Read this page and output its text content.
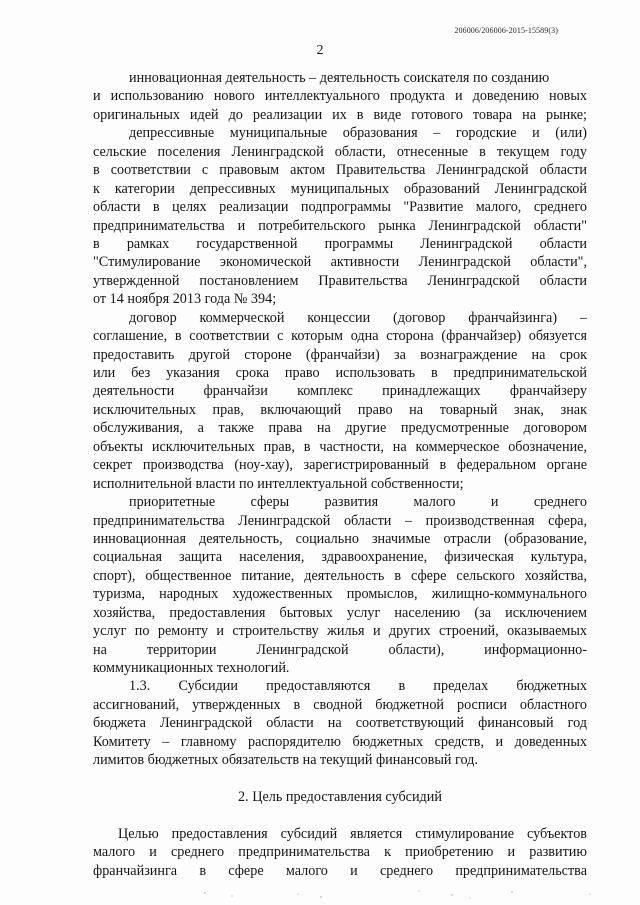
206006/206006-2015-15589(3)
2
инновационная деятельность – деятельность соискателя по созданию
и использованию нового интеллектуального продукта и доведению новых
оригинальных идей до реализации их в виде готового товара на рынке;
депрессивные муниципальные образования – городские и (или)
сельские поселения Ленинградской области, отнесенные в текущем году
в соответствии с правовым актом Правительства Ленинградской области
к категории депрессивных муниципальных образований Ленинградской
области в целях реализации подпрограммы "Развитие малого, среднего
предпринимательства и потребительского рынка Ленинградской области"
в рамках государственной программы Ленинградской области
"Стимулирование экономической активности Ленинградской области",
утвержденной постановлением Правительства Ленинградской области
от 14 ноября 2013 года № 394;
договор коммерческой концессии (договор франчайзинга) –
соглашение, в соответствии с которым одна сторона (франчайзер) обязуется
предоставить другой стороне (франчайзи) за вознаграждение на срок
или без указания срока право использовать в предпринимательской
деятельности франчайзи комплекс принадлежащих франчайзеру
исключительных прав, включающий право на товарный знак, знак
обслуживания, а также права на другие предусмотренные договором
объекты исключительных прав, в частности, на коммерческое обозначение,
секрет производства (ноу-хау), зарегистрированный в федеральном органе
исполнительной власти по интеллектуальной собственности;
приоритетные сферы развития малого и среднего
предпринимательства Ленинградской области – производственная сфера,
инновационная деятельность, социально значимые отрасли (образование,
социальная защита населения, здравоохранение, физическая культура,
спорт), общественное питание, деятельность в сфере сельского хозяйства,
туризма, народных художественных промыслов, жилищно-коммунального
хозяйства, предоставления бытовых услуг населению (за исключением
услуг по ремонту и строительству жилья и других строений, оказываемых
на территории Ленинградской области), информационно-
коммуникационных технологий.
1.3. Субсидии предоставляются в пределах бюджетных
ассигнований, утвержденных в сводной бюджетной росписи областного
бюджета Ленинградской области на соответствующий финансовый год
Комитету – главному распорядителю бюджетных средств, и доведенных
лимитов бюджетных обязательств на текущий финансовый год.
2. Цель предоставления субсидий
Целью предоставления субсидий является стимулирование субъектов
малого и среднего предпринимательства к приобретению и развитию
франчайзинга в сфере малого и среднего предпринимательства
